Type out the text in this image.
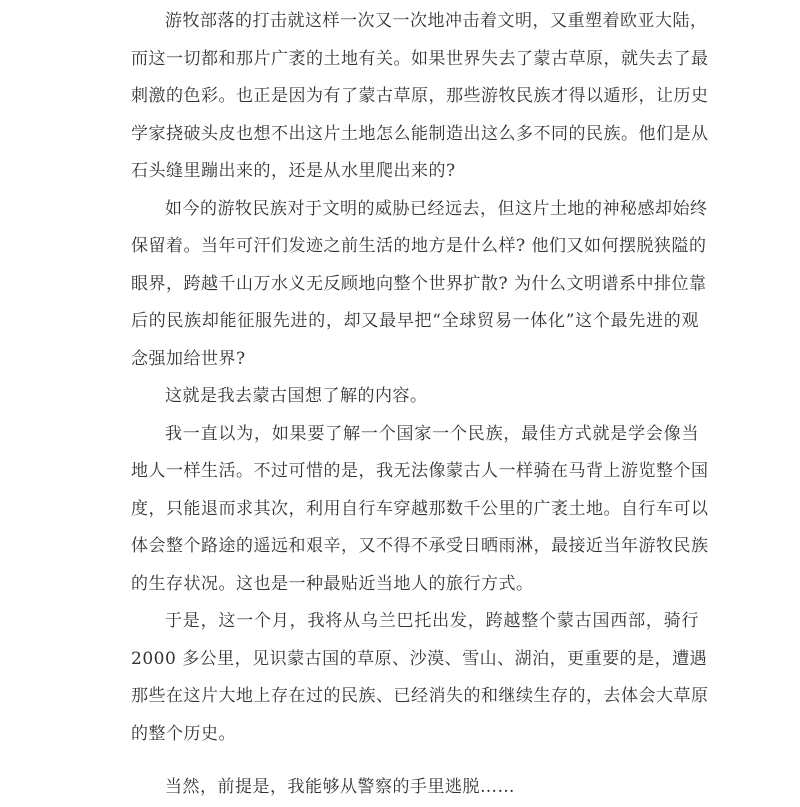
游牧部落的打击就这样一次又一次地冲击着文明，又重塑着欧亚大陆，
而这一切都和那片广袤的土地有关。如果世界失去了蒙古草原，就失去了最
刺激的色彩。也正是因为有了蒙古草原，那些游牧民族才得以遁形，让历史
学家挠破头皮也想不出这片土地怎么能制造出这么多不同的民族。他们是从
石头缝里蹦出来的，还是从水里爬出来的?
如今的游牧民族对于文明的威胁已经远去，但这片土地的神秘感却始终
保留着。当年可汗们发迹之前生活的地方是什么样? 他们又如何摆脱狭隘的
眼界，跨越千山万水义无反顾地向整个世界扩散? 为什么文明谱系中排位靠
后的民族却能征服先进的，却又最早把“全球贸易一体化”这个最先进的观
念强加给世界?
这就是我去蒙古国想了解的内容。
我一直以为，如果要了解一个国家一个民族，最佳方式就是学会像当
地人一样生活。不过可惜的是，我无法像蒙古人一样骑在马背上游览整个国
度，只能退而求其次，利用自行车穿越那数千公里的广袤土地。自行车可以
体会整个路途的遥远和艰辛，又不得不承受日晒雨淋，最接近当年游牧民族
的生存状况。这也是一种最贴近当地人的旅行方式。
于是，这一个月，我将从乌兰巴托出发，跨越整个蒙古国西部，骑行
2000 多公里，见识蒙古国的草原、沙漠、雪山、湖泊，更重要的是，遭遇
那些在这片大地上存在过的民族、已经消失的和继续生存的，去体会大草原
的整个历史。
当然，前提是，我能够从警察的手里逃脱……
